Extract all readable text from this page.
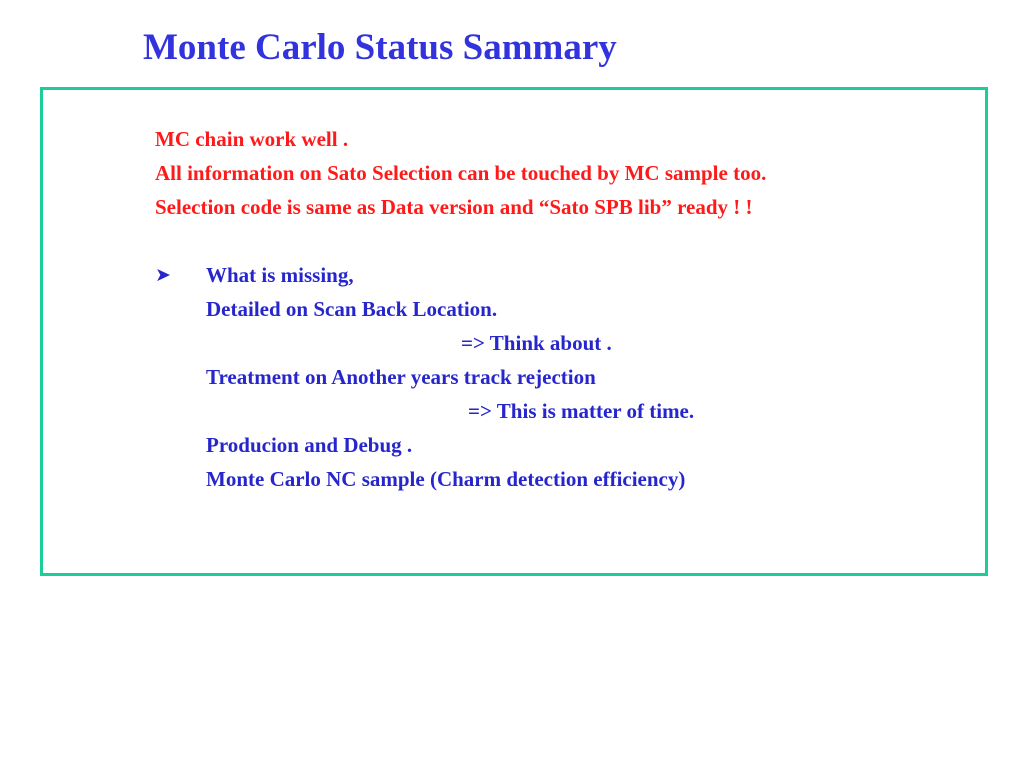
Monte Carlo Status Sammary
MC chain work well .
All information on Sato Selection can be touched by MC sample too.
Selection code is same as Data version and “Sato SPB lib” ready ! !
➤ What is missing,
Detailed on Scan Back Location.
=> Think about .
Treatment on Another years track rejection
=> This is matter of time.
Producion and Debug .
Monte Carlo NC sample (Charm detection efficiency)
